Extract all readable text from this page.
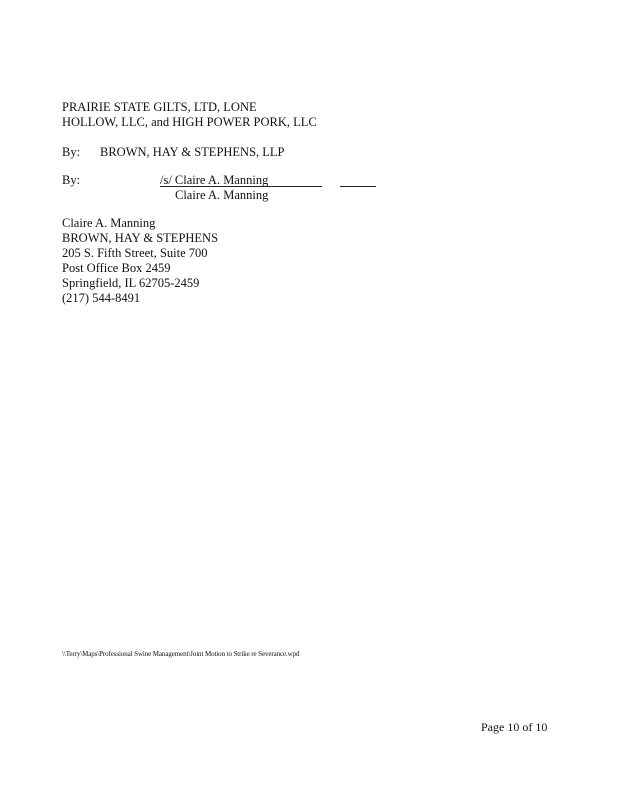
PRAIRIE STATE GILTS, LTD, LONE
HOLLOW, LLC, and HIGH POWER PORK, LLC
By: BROWN, HAY & STEPHENS, LLP
By:	/s/ Claire A. Manning
Claire A. Manning
Claire A. Manning
BROWN, HAY & STEPHENS
205 S. Fifth Street, Suite 700
Post Office Box 2459
Springfield, IL 62705-2459
(217) 544-8491
\\Terry\Maps\Professional Swine Management\Joint Motion to Strike re Severance.wpd
Page 10 of 10
